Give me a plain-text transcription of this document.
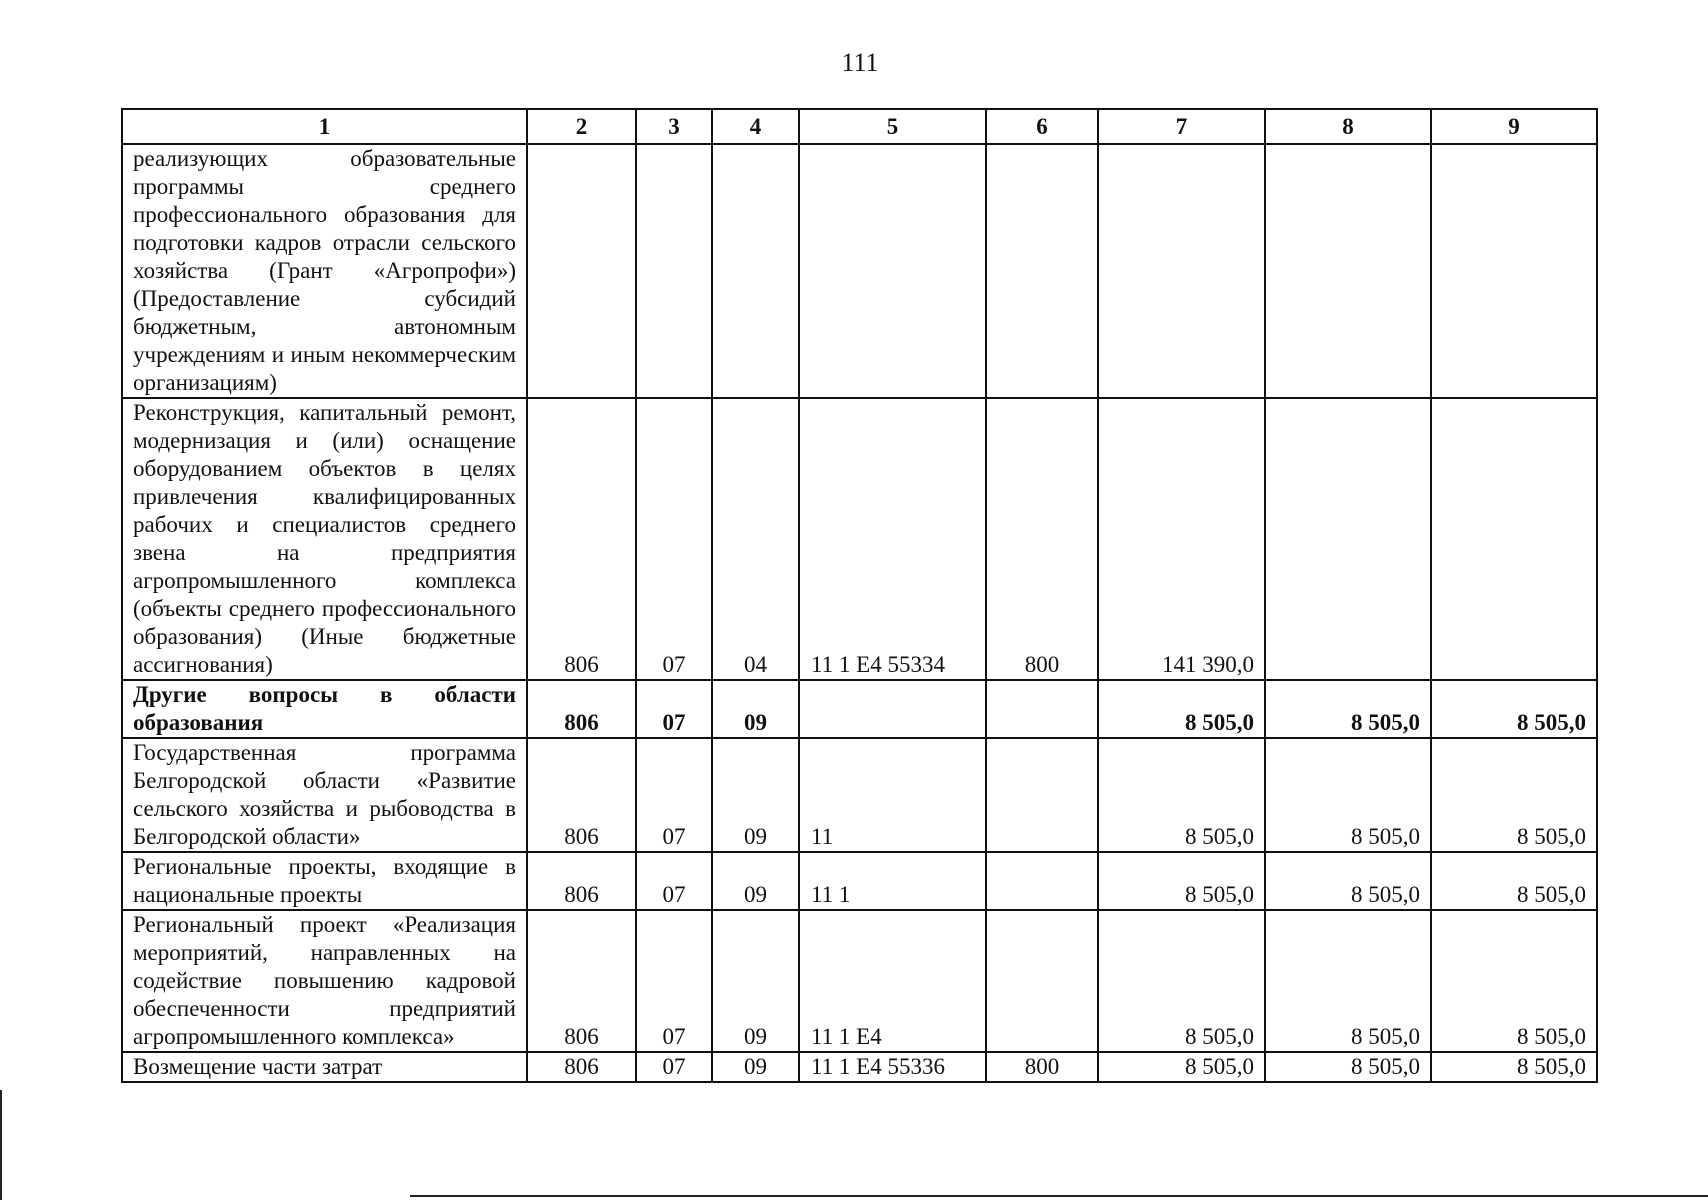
111
1	2	3	4	5	6	7	8	9
реализующих образовательные программы среднего профессионального образования для подготовки кадров отрасли сельского хозяйства (Грант «Агропрофи») (Предоставление субсидий бюджетным, автономным учреждениям и иным некоммерческим организациям)								
Реконструкция, капитальный ремонт, модернизация и (или) оснащение оборудованием объектов в целях привлечения квалифицированных рабочих и специалистов среднего звена на предприятия агропромышленного комплекса (объекты среднего профессионального образования) (Иные бюджетные ассигнования)	806	07	04	11 1 Е4 55334	800	141 390,0		
Другие вопросы в области образования	806	07	09			8 505,0	8 505,0	8 505,0
Государственная программа Белгородской области «Развитие сельского хозяйства и рыбоводства в Белгородской области»	806	07	09	11		8 505,0	8 505,0	8 505,0
Региональные проекты, входящие в национальные проекты	806	07	09	11 1		8 505,0	8 505,0	8 505,0
Региональный проект «Реализация мероприятий, направленных на содействие повышению кадровой обеспеченности предприятий агропромышленного комплекса»	806	07	09	11 1 Е4		8 505,0	8 505,0	8 505,0
Возмещение части затрат	806	07	09	11 1 Е4 55336	800	8 505,0	8 505,0	8 505,0
